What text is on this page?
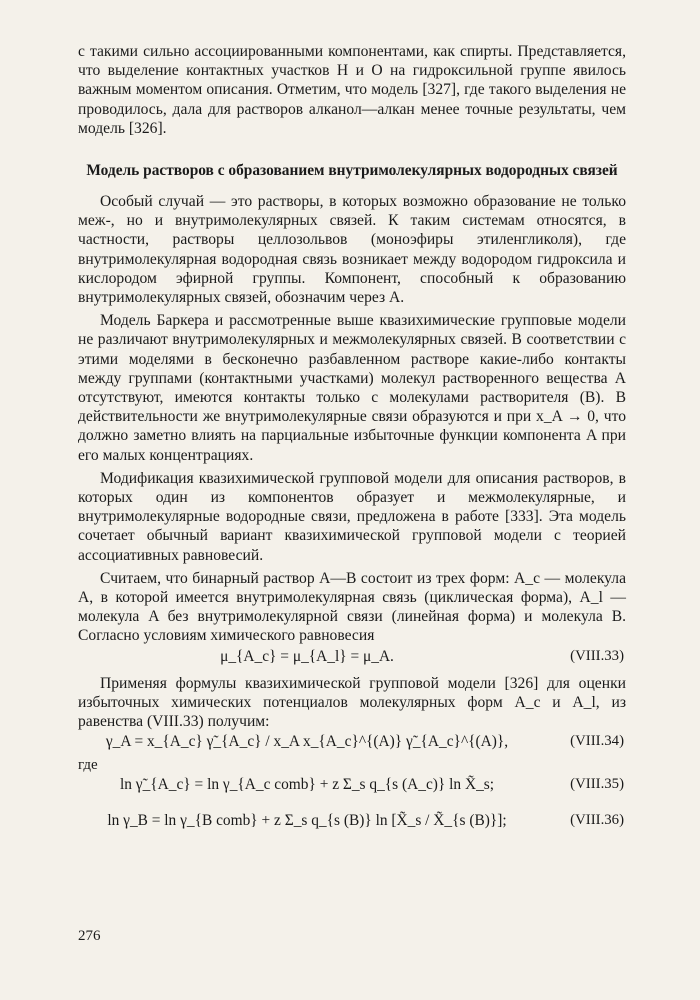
с такими сильно ассоциированными компонентами, как спирты. Представляется, что выделение контактных участков H и O на гидроксильной группе явилось важным моментом описания. Отметим, что модель [327], где такого выделения не проводилось, дала для растворов алканол—алкан менее точные результаты, чем модель [326].

Модель растворов с образованием внутримолекулярных водородных связей

Особый случай — это растворы, в которых возможно образование не только меж-, но и внутримолекулярных связей. К таким системам относятся, в частности, растворы целлозольвов (моноэфиры этиленгликоля), где внутримолекулярная водородная связь возникает между водородом гидроксила и кислородом эфирной группы. Компонент, способный к образованию внутримолекулярных связей, обозначим через A.

Модель Баркера и рассмотренные выше квазихимические групповые модели не различают внутримолекулярных и межмолекулярных связей. В соответствии с этими моделями в бесконечно разбавленном растворе какие-либо контакты между группами (контактными участками) молекул растворенного вещества A отсутствуют, имеются контакты только с молекулами растворителя (B). В действительности же внутримолекулярные связи образуются и при x_A → 0, что должно заметно влиять на парциальные избыточные функции компонента A при его малых концентрациях.

Модификация квазихимической групповой модели для описания растворов, в которых один из компонентов образует и межмолекулярные, и внутримолекулярные водородные связи, предложена в работе [333]. Эта модель сочетает обычный вариант квазихимической групповой модели с теорией ассоциативных равновесий.

Считаем, что бинарный раствор A—B состоит из трех форм: A_c — молекула A, в которой имеется внутримолекулярная связь (циклическая форма), A_l — молекула A без внутримолекулярной связи (линейная форма) и молекула B. Согласно условиям химического равновесия

μ_{A_c} = μ_{A_l} = μ_A.	(VIII.33)

Применяя формулы квазихимической групповой модели [326] для оценки избыточных химических потенциалов молекулярных форм A_c и A_l, из равенства (VIII.33) получим:

γ_A = x_{A_c} γ̃_{A_c} / x_A x_{A_c}^{(A)} γ̃_{A_c}^{(A)},	(VIII.34)
где
ln γ̃_{A_c} = ln γ_{A_c comb} + z Σ_s q_{s (A_c)} ln X̃_s;	(VIII.35)
ln γ_B = ln γ_{B comb} + z Σ_s q_{s (B)} ln [X̃_s / X̃_{s (B)}];	(VIII.36)
276
